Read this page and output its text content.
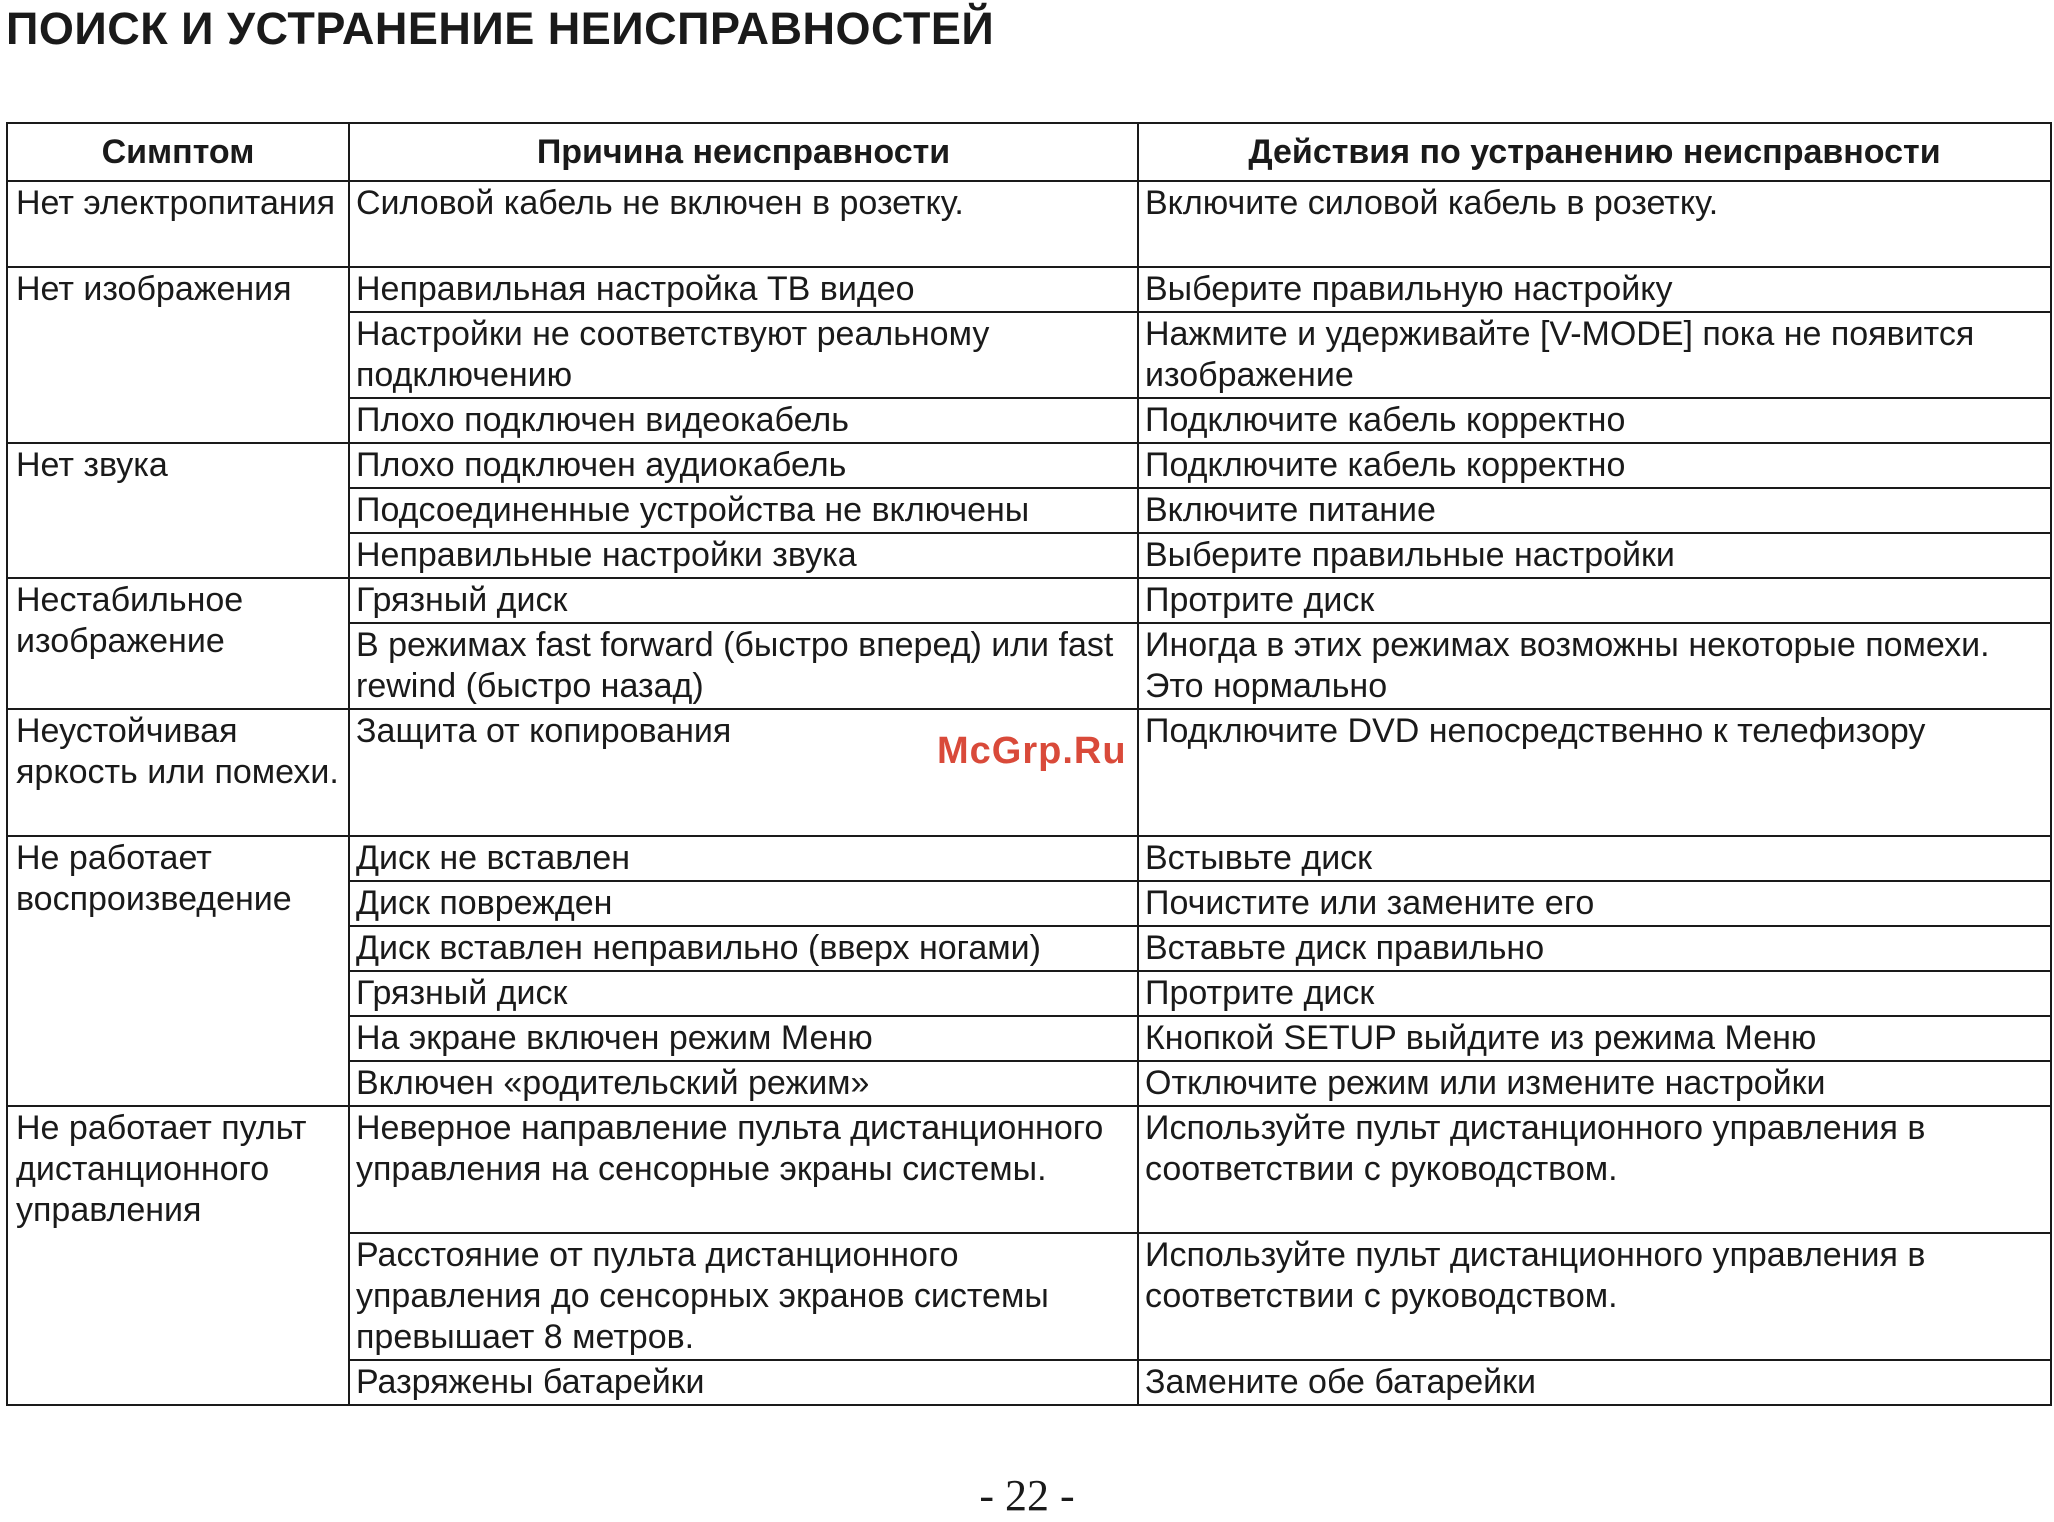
ПОИСК И УСТРАНЕНИЕ НЕИСПРАВНОСТЕЙ
Симптом	Причина неисправности	Действия по устранению неисправности
Нет электропитания	Силовой кабель не включен в розетку.	Включите силовой кабель в розетку.
Нет изображения	Неправильная настройка ТВ видео	Выберите правильную настройку
	Настройки не соответствуют реальному подключению	Нажмите и удерживайте [V-MODE] пока не появится изображение
	Плохо подключен видеокабель	Подключите кабель корректно
Нет звука	Плохо подключен аудиокабель	Подключите кабель корректно
	Подсоединенные устройства не включены	Включите питание
	Неправильные настройки звука	Выберите правильные настройки
Нестабильное изображение	Грязный диск	Протрите диск
	В режимах fast forward (быстро вперед) или fast rewind (быстро назад)	Иногда в этих режимах возможны некоторые помехи. Это нормально
Неустойчивая яркость или помехи.	Защита от копирования	Подключите DVD непосредственно к телефизору
Не работает воспроизведение	Диск не вставлен	Встывьте диск
	Диск поврежден	Почистите или замените его
	Диск вставлен неправильно (вверх ногами)	Вставьте диск правильно
	Грязный диск	Протрите диск
	На экране включен режим Меню	Кнопкой SETUP выйдите из режима Меню
	Включен «родительский режим»	Отключите режим или измените настройки
Не работает пульт дистанционного управления	Неверное направление пульта дистанционного управления на сенсорные экраны системы.	Используйте пульт дистанционного управления в соответствии с руководством.
	Расстояние от пульта дистанционного управления до сенсорных экранов системы превышает 8 метров.	Используйте пульт дистанционного управления в соответствии с руководством.
	Разряжены батарейки	Замените обе батарейки
McGrp.Ru
- 22 -
